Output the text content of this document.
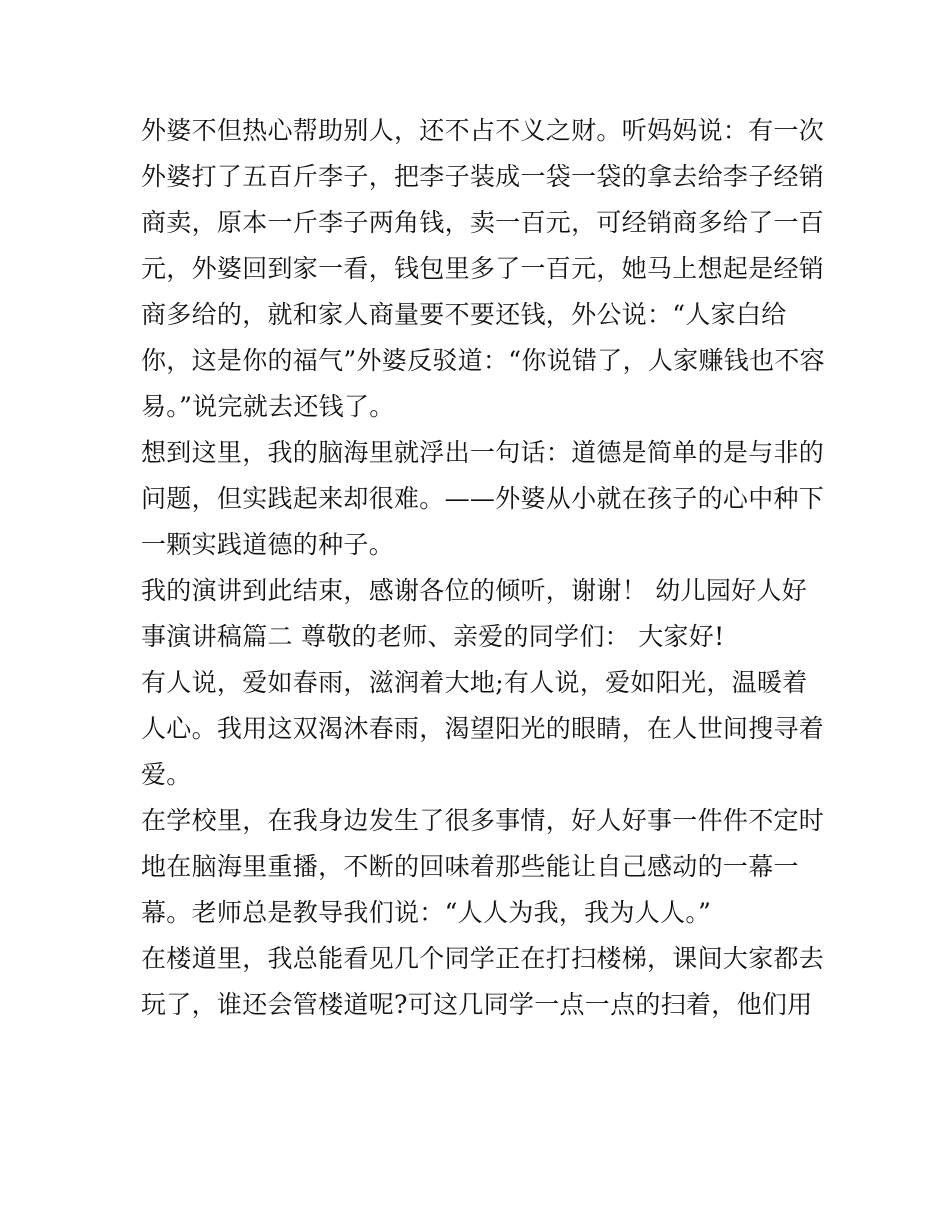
外婆不但热心帮助别人，还不占不义之财。听妈妈说：有一次
外婆打了五百斤李子，把李子装成一袋一袋的拿去给李子经销
商卖，原本一斤李子两角钱，卖一百元，可经销商多给了一百
元，外婆回到家一看，钱包里多了一百元，她马上想起是经销
商多给的，就和家人商量要不要还钱，外公说：“人家白给
你，这是你的福气”外婆反驳道：“你说错了，人家赚钱也不容
易。”说完就去还钱了。
想到这里，我的脑海里就浮出一句话：道德是简单的是与非的
问题，但实践起来却很难。——外婆从小就在孩子的心中种下
一颗实践道德的种子。
我的演讲到此结束，感谢各位的倾听，谢谢！ 幼儿园好人好
事演讲稿篇二 尊敬的老师、亲爱的同学们： 大家好!
有人说，爱如春雨，滋润着大地;有人说，爱如阳光，温暖着
人心。我用这双渴沐春雨，渴望阳光的眼睛，在人世间搜寻着
爱。
在学校里，在我身边发生了很多事情，好人好事一件件不定时
地在脑海里重播，不断的回味着那些能让自己感动的一幕一
幕。老师总是教导我们说：“人人为我，我为人人。”
在楼道里，我总能看见几个同学正在打扫楼梯，课间大家都去
玩了，谁还会管楼道呢?可这几同学一点一点的扫着，他们用
